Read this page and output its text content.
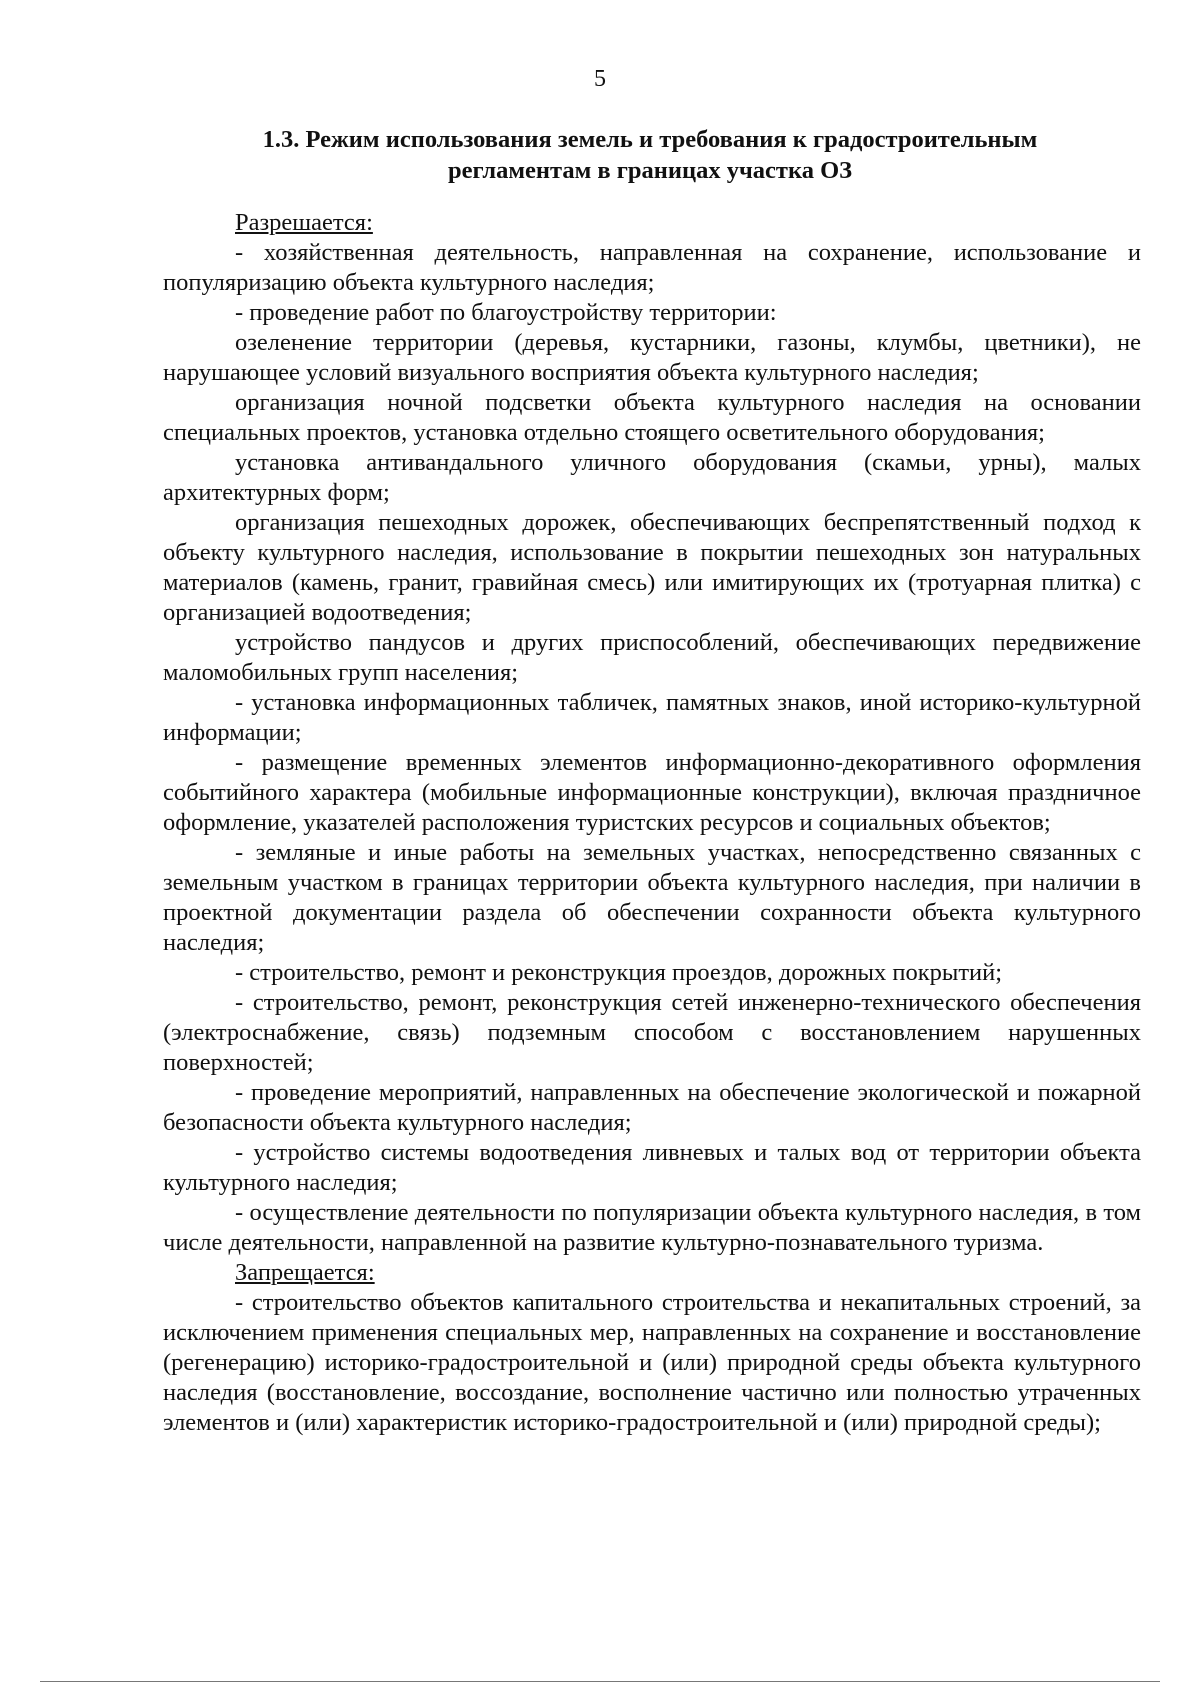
5
1.3. Режим использования земель и требования к градостроительным
регламентам в границах участка ОЗ

Разрешается:

- хозяйственная деятельность, направленная на сохранение, использование и популяризацию объекта культурного наследия;

- проведение работ по благоустройству территории:

озеленение территории (деревья, кустарники, газоны, клумбы, цветники), не нарушающее условий визуального восприятия объекта культурного наследия;

организация ночной подсветки объекта культурного наследия на основании специальных проектов, установка отдельно стоящего осветительного оборудования;

установка антивандального уличного оборудования (скамьи, урны), малых архитектурных форм;

организация пешеходных дорожек, обеспечивающих беспрепятственный подход к объекту культурного наследия, использование в покрытии пешеходных зон натуральных материалов (камень, гранит, гравийная смесь) или имитирующих их (тротуарная плитка) с организацией водоотведения;

устройство пандусов и других приспособлений, обеспечивающих передвижение маломобильных групп населения;

- установка информационных табличек, памятных знаков, иной историко-культурной информации;

- размещение временных элементов информационно-декоративного оформления событийного характера (мобильные информационные конструкции), включая праздничное оформление, указателей расположения туристских ресурсов и социальных объектов;

- земляные и иные работы на земельных участках, непосредственно связанных с земельным участком в границах территории объекта культурного наследия, при наличии в проектной документации раздела об обеспечении сохранности объекта культурного наследия;

- строительство, ремонт и реконструкция проездов, дорожных покрытий;

- строительство, ремонт, реконструкция сетей инженерно-технического обеспечения (электроснабжение, связь) подземным способом с восстановлением нарушенных поверхностей;

- проведение мероприятий, направленных на обеспечение экологической и пожарной безопасности объекта культурного наследия;

- устройство системы водоотведения ливневых и талых вод от территории объекта культурного наследия;

- осуществление деятельности по популяризации объекта культурного наследия, в том числе деятельности, направленной на развитие культурно-познавательного туризма.

Запрещается:

- строительство объектов капитального строительства и некапитальных строений, за исключением применения специальных мер, направленных на сохранение и восстановление (регенерацию) историко-градостроительной и (или) природной среды объекта культурного наследия (восстановление, воссоздание, восполнение частично или полностью утраченных элементов и (или) характеристик историко-градостроительной и (или) природной среды);
